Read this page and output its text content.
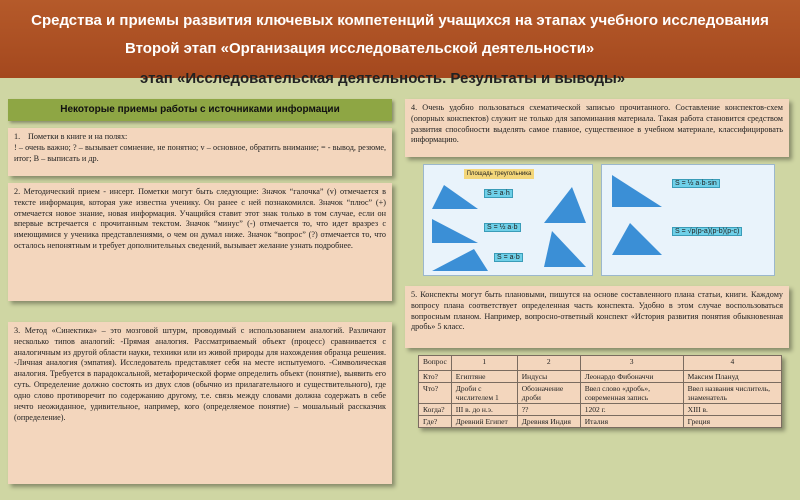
Средства и приемы развития ключевых компетенций учащихся на этапах учебного исследования
Второй этап «Организация исследовательской деятельности»
этап «Исследовательская деятельность. Результаты и выводы»
Некоторые приемы работы с источниками информации
1. Пометки в книге и на полях:

! – очень важно; ? – вызывает сомнение, не понятно; v – основное, обратить внимание; = - вывод, резюме, итог; В – выписать и др.

2. Методический прием - инсерт. Пометки могут быть следующие: Значок “галочка” (v) отмечается в тексте информация, которая уже известна ученику. Он ранее с ней познакомился. Значок “плюс” (+) отмечается новое знание, новая информация. Учащийся ставит этот знак только в том случае, если он впервые встречается с прочитанным текстом. Значок “минус” (-) отмечается то, что идет вразрез с имеющимися у ученика представлениями, о чем он думал ниже. Значок “вопрос” (?) отмечается то, что осталось непонятным и требует дополнительных сведений, вызывает желание узнать подробнее.

3. Метод «Синектика» – это мозговой штурм, проводимый с использованием аналогий. Различают несколько типов аналогий: -Прямая аналогия. Рассматриваемый объект (процесс) сравнивается с аналогичным из другой области науки, техники или из живой природы для нахождения образца решения. -Личная аналогия (эмпатия). Исследователь представляет себя на месте испытуемого. -Символическая аналогия. Требуется в парадоксальной, метафорической форме определить объект (понятие), выявить его суть. Определение должно состоять из двух слов (обычно из прилагательного и существительного), где одно слово противоречит по содержанию другому, т.е. связь между словами должна содержать в себе нечто неожиданное, удивительное, например, кого (определяемое понятие) – мошальный рассказчик (определение).

4. Очень удобно пользоваться схематической записью прочитанного. Составление конспектов-схем (опорных конспектов) служит не только для запоминания материала. Такая работа становится средством развития способности выделять самое главное, существенное в учебном материале, классифицировать информацию.

Площадь треугольника
S = a·h
S = ½ a·b
S = a·b
S = ½ a·b·sin
S = √p(p-a)(p-b)(p-c)

5. Конспекты могут быть плановыми, пишутся на основе составленного плана статьи, книги. Каждому вопросу плана соответствует определенная часть конспекта. Удобно в этом случае воспользоваться вопросным планом. Например, вопросно-ответный конспект «История развития понятия обыкновенная дробь» 5 класс.

Вопрос	1	2	3	4
Кто?	Египтяне	Индусы	Леонардо Фибоначчи	Максим Плануд
Что?	Дроби с числителем 1	Обозначение дроби	Ввел слово «дробь», современная запись	Ввел названия числитель, знаменатель
Когда?	III в. до н.э.	??	1202 г.	XIII в.
Где?	Древний Египет	Древняя Индия	Италия	Греция
